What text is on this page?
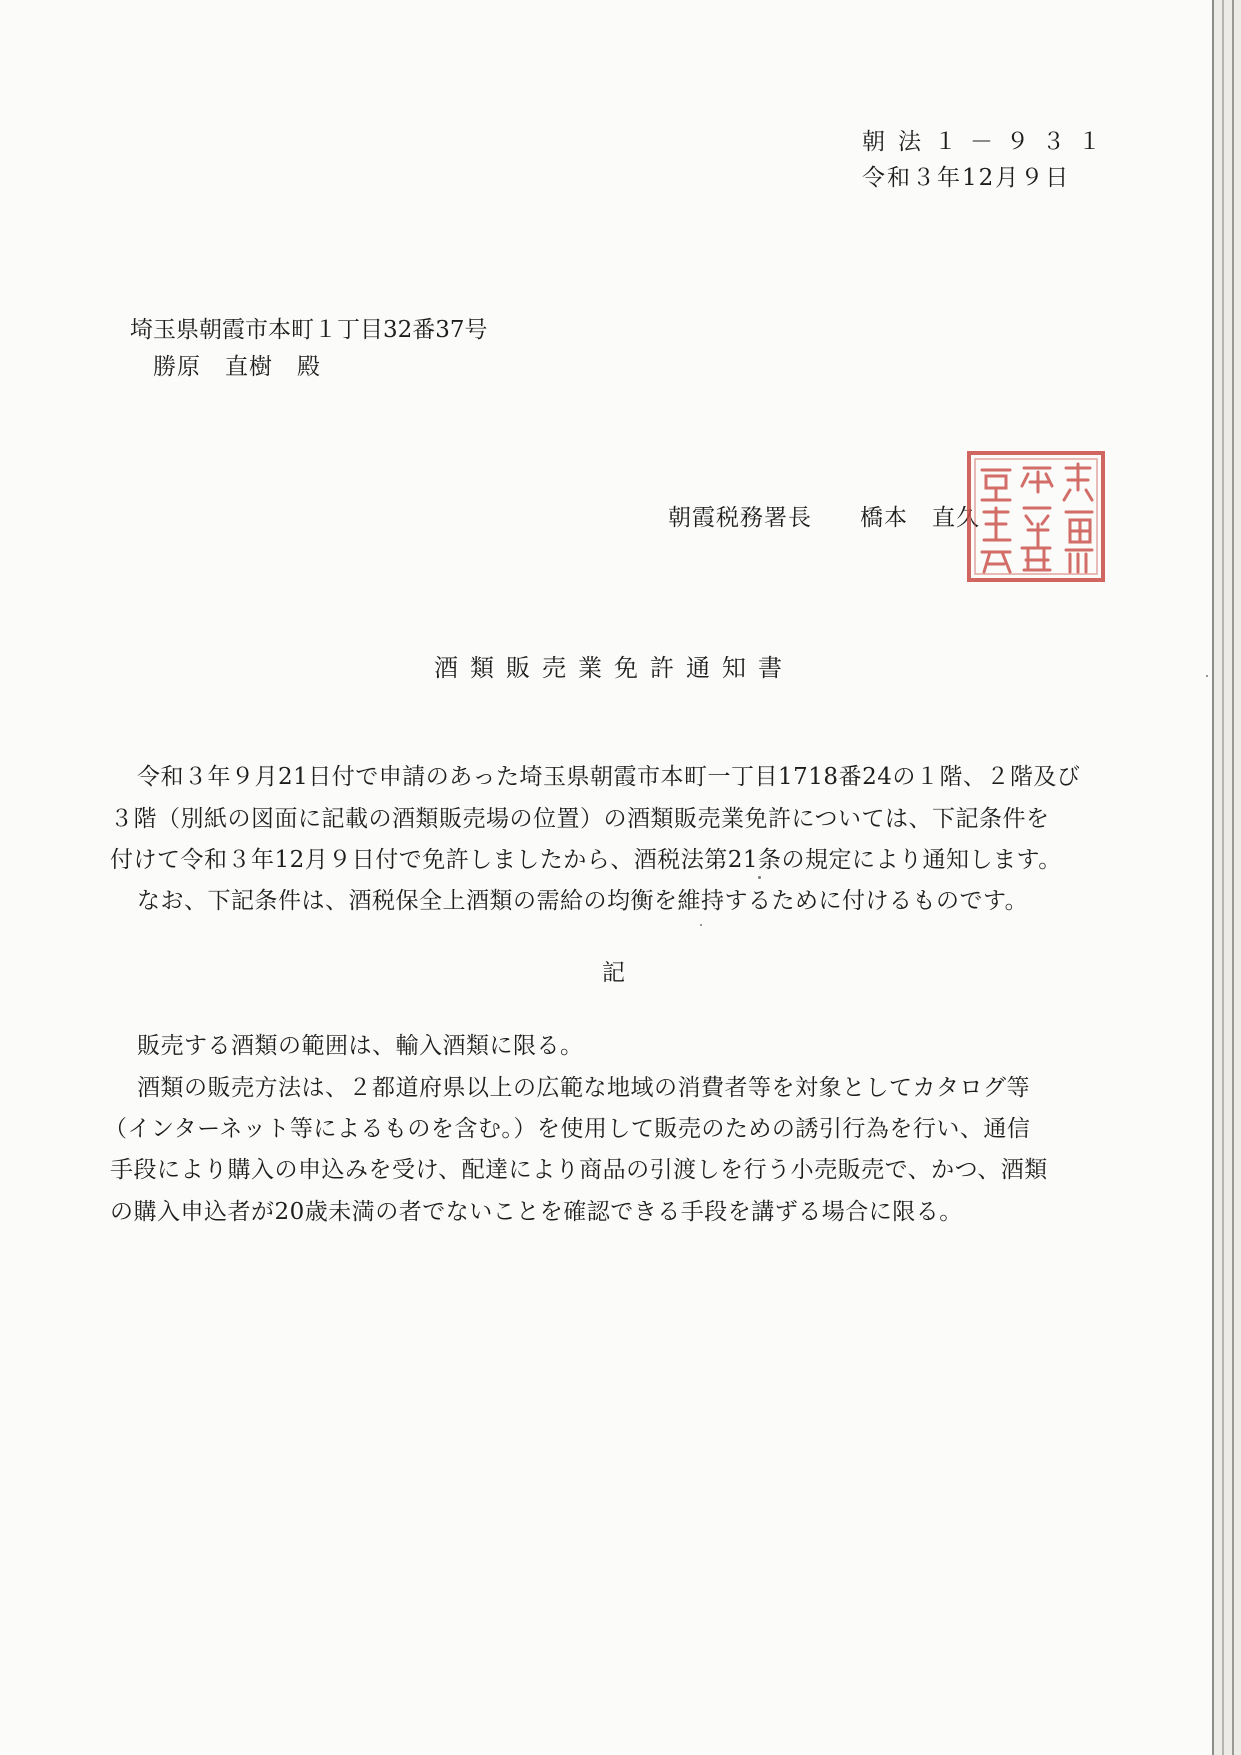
朝法１－９３１
令和３年12月９日
埼玉県朝霞市本町１丁目32番37号
勝原　直樹　殿
朝霞税務署長　　橋本　直久
酒類販売業免許通知書
令和３年９月21日付で申請のあった埼玉県朝霞市本町一丁目1718番24の１階、２階及び
３階（別紙の図面に記載の酒類販売場の位置）の酒類販売業免許については、下記条件を
付けて令和３年12月９日付で免許しましたから、酒税法第21条の規定により通知します。
なお、下記条件は、酒税保全上酒類の需給の均衡を維持するために付けるものです。
記
販売する酒類の範囲は、輸入酒類に限る。
酒類の販売方法は、２都道府県以上の広範な地域の消費者等を対象としてカタログ等
（インターネット等によるものを含む。）を使用して販売のための誘引行為を行い、通信
手段により購入の申込みを受け、配達により商品の引渡しを行う小売販売で、かつ、酒類
の購入申込者が20歳未満の者でないことを確認できる手段を講ずる場合に限る。
